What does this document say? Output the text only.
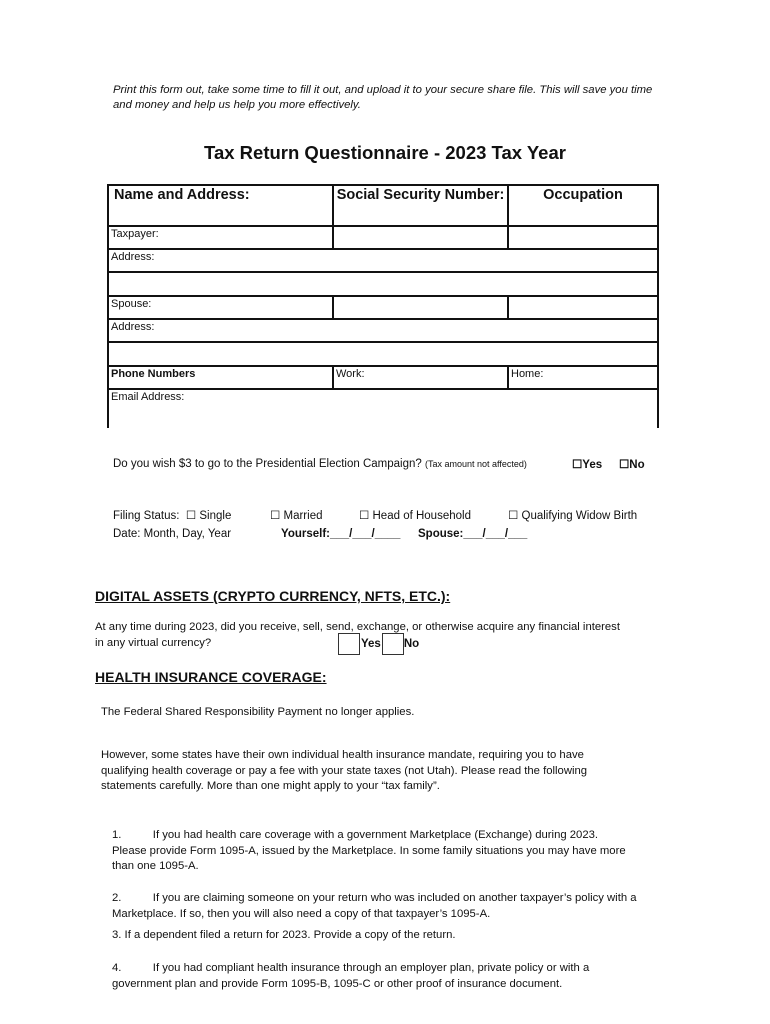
Print this form out, take some time to fill it out, and upload it to your secure share file. This will save you time and money and help us help you more effectively.
Tax Return Questionnaire - 2023 Tax Year
Name and Address:	Social Security Number:	Occupation
Taxpayer:
Address:
Spouse:
Address:
Phone Numbers	Work:	Home:
Email Address:
Do you wish $3 to go to the Presidential Election Campaign? (Tax amount not affected)	☐Yes ☐No
Filing Status: ☐ Single	☐ Married	☐ Head of Household	☐ Qualifying Widow Birth
Date: Month, Day, Year	Yourself:___/___/____ Spouse:___/___/___
DIGITAL ASSETS (CRYPTO CURRENCY, NFTS, ETC.):
At any time during 2023, did you receive, sell, send, exchange, or otherwise acquire any financial interest in any virtual currency?	Yes No
HEALTH INSURANCE COVERAGE:
The Federal Shared Responsibility Payment no longer applies.
However, some states have their own individual health insurance mandate, requiring you to have qualifying health coverage or pay a fee with your state taxes (not Utah). Please read the following statements carefully. More than one might apply to your “tax family”.
1.          If you had health care coverage with a government Marketplace (Exchange) during 2023. Please provide Form 1095-A, issued by the Marketplace. In some family situations you may have more than one 1095-A.
2.          If you are claiming someone on your return who was included on another taxpayer’s policy with a Marketplace. If so, then you will also need a copy of that taxpayer’s 1095-A.
3. If a dependent filed a return for 2023. Provide a copy of the return.
4.          If you had compliant health insurance through an employer plan, private policy or with a government plan and provide Form 1095-B, 1095-C or other proof of insurance document.
